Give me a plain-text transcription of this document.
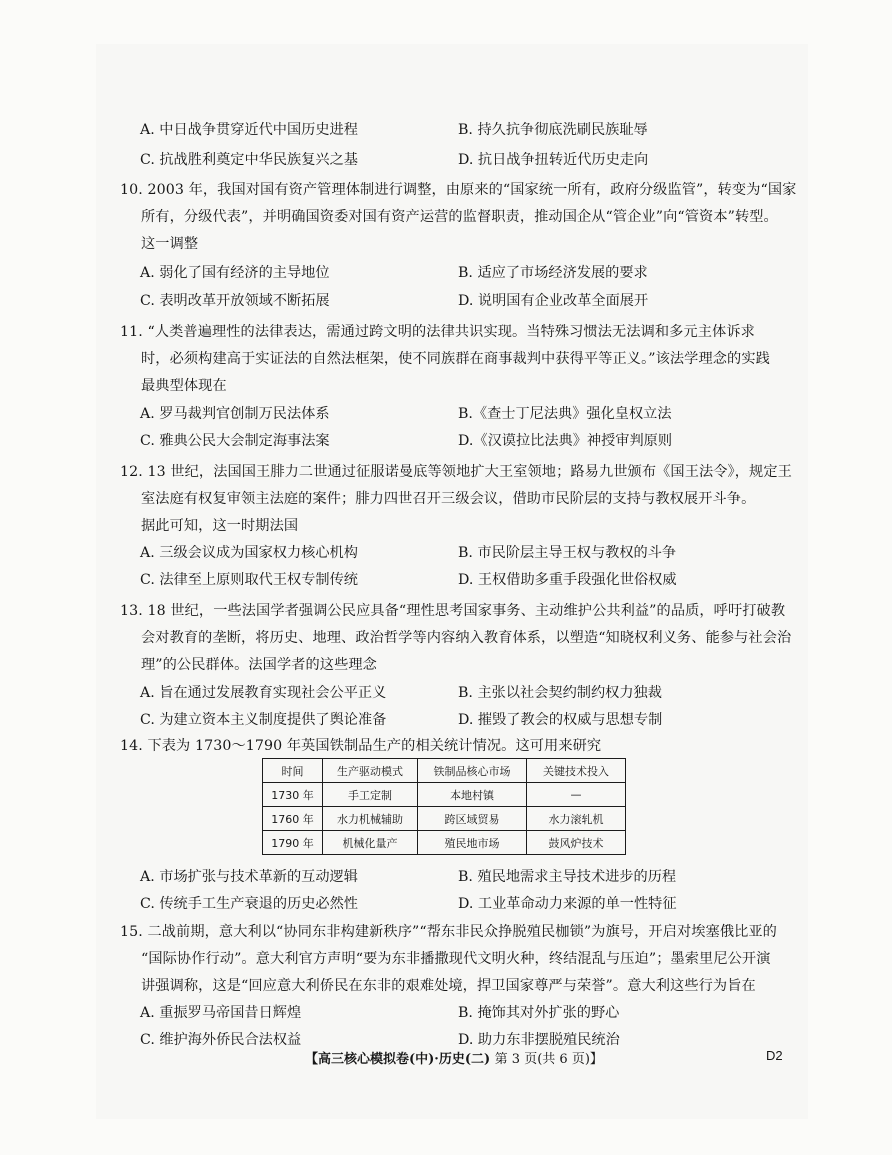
A. 中日战争贯穿近代中国历史进程	B. 持久抗争彻底洗刷民族耻辱
C. 抗战胜利奠定中华民族复兴之基	D. 抗日战争扭转近代历史走向
10. 2003 年，我国对国有资产管理体制进行调整，由原来的“国家统一所有，政府分级监管”，转变为“国家
所有，分级代表”，并明确国资委对国有资产运营的监督职责，推动国企从“管企业”向“管资本”转型。
这一调整
A. 弱化了国有经济的主导地位	B. 适应了市场经济发展的要求
C. 表明改革开放领域不断拓展	D. 说明国有企业改革全面展开
11. “人类普遍理性的法律表达，需通过跨文明的法律共识实现。当特殊习惯法无法调和多元主体诉求
时，必须构建高于实证法的自然法框架，使不同族群在商事裁判中获得平等正义。”该法学理念的实践
最典型体现在
A. 罗马裁判官创制万民法体系	B.《查士丁尼法典》强化皇权立法
C. 雅典公民大会制定海事法案	D.《汉谟拉比法典》神授审判原则
12. 13 世纪，法国国王腓力二世通过征服诺曼底等领地扩大王室领地；路易九世颁布《国王法令》，规定王
室法庭有权复审领主法庭的案件；腓力四世召开三级会议，借助市民阶层的支持与教权展开斗争。
据此可知，这一时期法国
A. 三级会议成为国家权力核心机构	B. 市民阶层主导王权与教权的斗争
C. 法律至上原则取代王权专制传统	D. 王权借助多重手段强化世俗权威
13. 18 世纪，一些法国学者强调公民应具备“理性思考国家事务、主动维护公共利益”的品质，呼吁打破教
会对教育的垄断，将历史、地理、政治哲学等内容纳入教育体系，以塑造“知晓权利义务、能参与社会治
理”的公民群体。法国学者的这些理念
A. 旨在通过发展教育实现社会公平正义	B. 主张以社会契约制约权力独裁
C. 为建立资本主义制度提供了舆论准备	D. 摧毁了教会的权威与思想专制
14. 下表为 1730～1790 年英国铁制品生产的相关统计情况。这可用来研究
时间	生产驱动模式	铁制品核心市场	关键技术投入
1730 年	手工定制	本地村镇	—
1760 年	水力机械辅助	跨区域贸易	水力滚轧机
1790 年	机械化量产	殖民地市场	鼓风炉技术
A. 市场扩张与技术革新的互动逻辑	B. 殖民地需求主导技术进步的历程
C. 传统手工生产衰退的历史必然性	D. 工业革命动力来源的单一性特征
15. 二战前期，意大利以“协同东非构建新秩序”“帮东非民众挣脱殖民枷锁”为旗号，开启对埃塞俄比亚的
“国际协作行动”。意大利官方声明“要为东非播撒现代文明火种，终结混乱与压迫”；墨索里尼公开演
讲强调称，这是“回应意大利侨民在东非的艰难处境，捍卫国家尊严与荣誉”。意大利这些行为旨在
A. 重振罗马帝国昔日辉煌	B. 掩饰其对外扩张的野心
C. 维护海外侨民合法权益	D. 助力东非摆脱殖民统治
【高三核心模拟卷(中)·历史(二) 第 3 页(共 6 页)】	D2
